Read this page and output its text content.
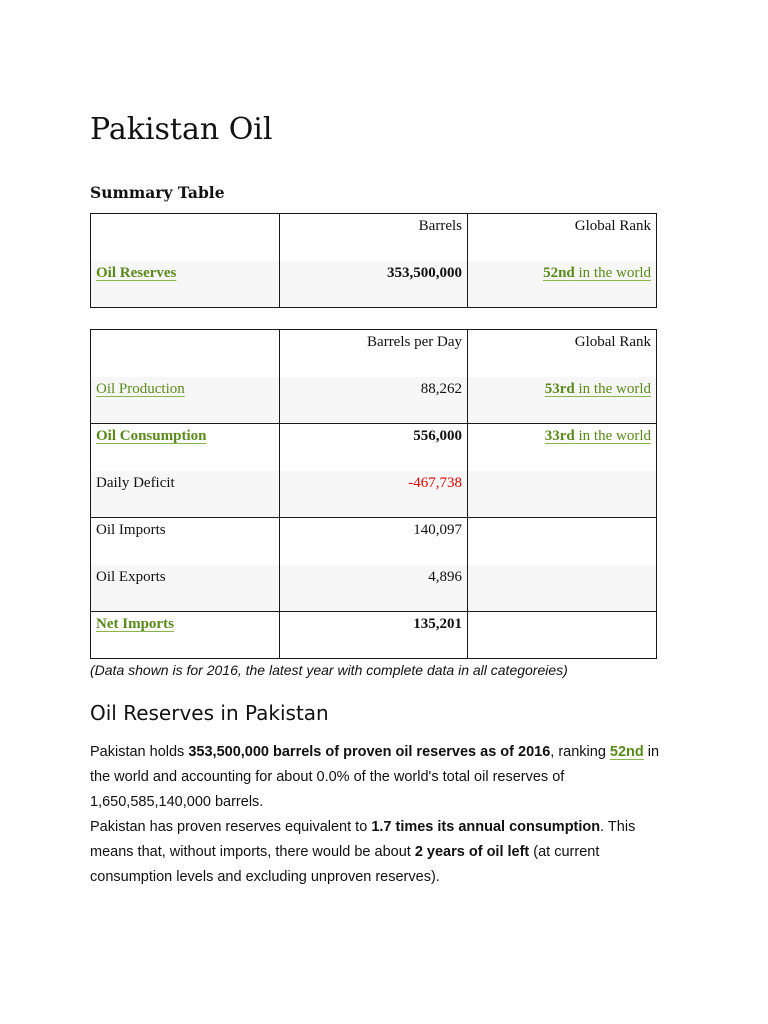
Pakistan Oil
Summary Table
	Barrels	Global Rank
Oil Reserves	353,500,000	52nd in the world
	Barrels per Day	Global Rank
Oil Production	88,262	53rd in the world
Oil Consumption	556,000	33rd in the world
Daily Deficit	-467,738	
Oil Imports	140,097	
Oil Exports	4,896	
Net Imports	135,201	
(Data shown is for 2016, the latest year with complete data in all categoreies)
Oil Reserves in Pakistan

Pakistan holds 353,500,000 barrels of proven oil reserves as of 2016, ranking 52nd in the world and accounting for about 0.0% of the world's total oil reserves of 1,650,585,140,000 barrels.
Pakistan has proven reserves equivalent to 1.7 times its annual consumption. This means that, without imports, there would be about 2 years of oil left (at current consumption levels and excluding unproven reserves).
